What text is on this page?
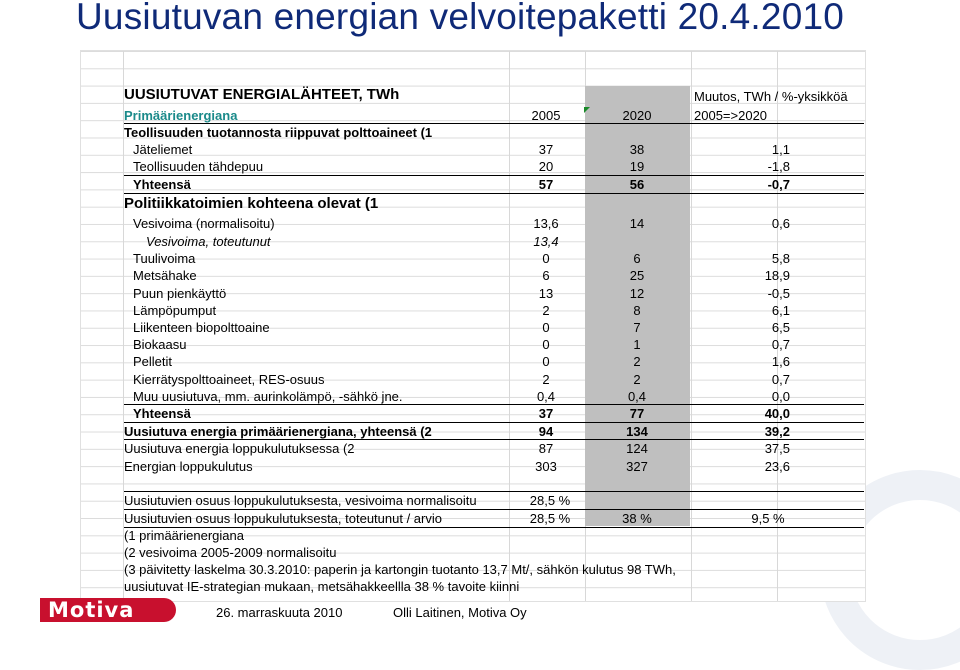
Uusiutuvan energian velvoitepaketti 20.4.2010
UUSIUTUVAT ENERGIALÄHTEET, TWh
Primäärienergiana	2005	2020
Muutos, TWh / %-yksikköä
2005=>2020
Teollisuuden tuotannosta riippuvat polttoaineet (1
Jäteliemet	37	38	1,1
Teollisuuden tähdepuu	20	19	-1,8
Yhteensä	57	56	-0,7
Politiikkatoimien kohteena olevat (1
Vesivoima (normalisoitu)	13,6	14	0,6
Vesivoima, toteutunut	13,4
Tuulivoima	0	6	5,8
Metsähake	6	25	18,9
Puun pienkäyttö	13	12	-0,5
Lämpöpumput	2	8	6,1
Liikenteen biopolttoaine	0	7	6,5
Biokaasu	0	1	0,7
Pelletit	0	2	1,6
Kierrätyspolttoaineet, RES-osuus	2	2	0,7
Muu uusiutuva, mm. aurinkolämpö, -sähkö jne.	0,4	0,4	0,0
Yhteensä	37	77	40,0
Uusiutuva energia primäärienergiana, yhteensä (2	94	134	39,2
Uusiutuva energia loppukulutuksessa (2	87	124	37,5
Energian loppukulutus	303	327	23,6
Uusiutuvien osuus loppukulutuksesta, vesivoima normalisoitu	28,5 %
Uusiutuvien osuus loppukulutuksesta, toteutunut / arvio	28,5 %	38 %	9,5 %
(1 primäärienergiana
(2 vesivoima 2005-2009 normalisoitu
(3 päivitetty laskelma 30.3.2010: paperin ja kartongin tuotanto 13,7 Mt/, sähkön kulutus 98 TWh,
uusiutuvat IE-strategian mukaan, metsähakkeellla 38 % tavoite kiinni
Motiva	26. marraskuuta 2010	Olli Laitinen, Motiva Oy
